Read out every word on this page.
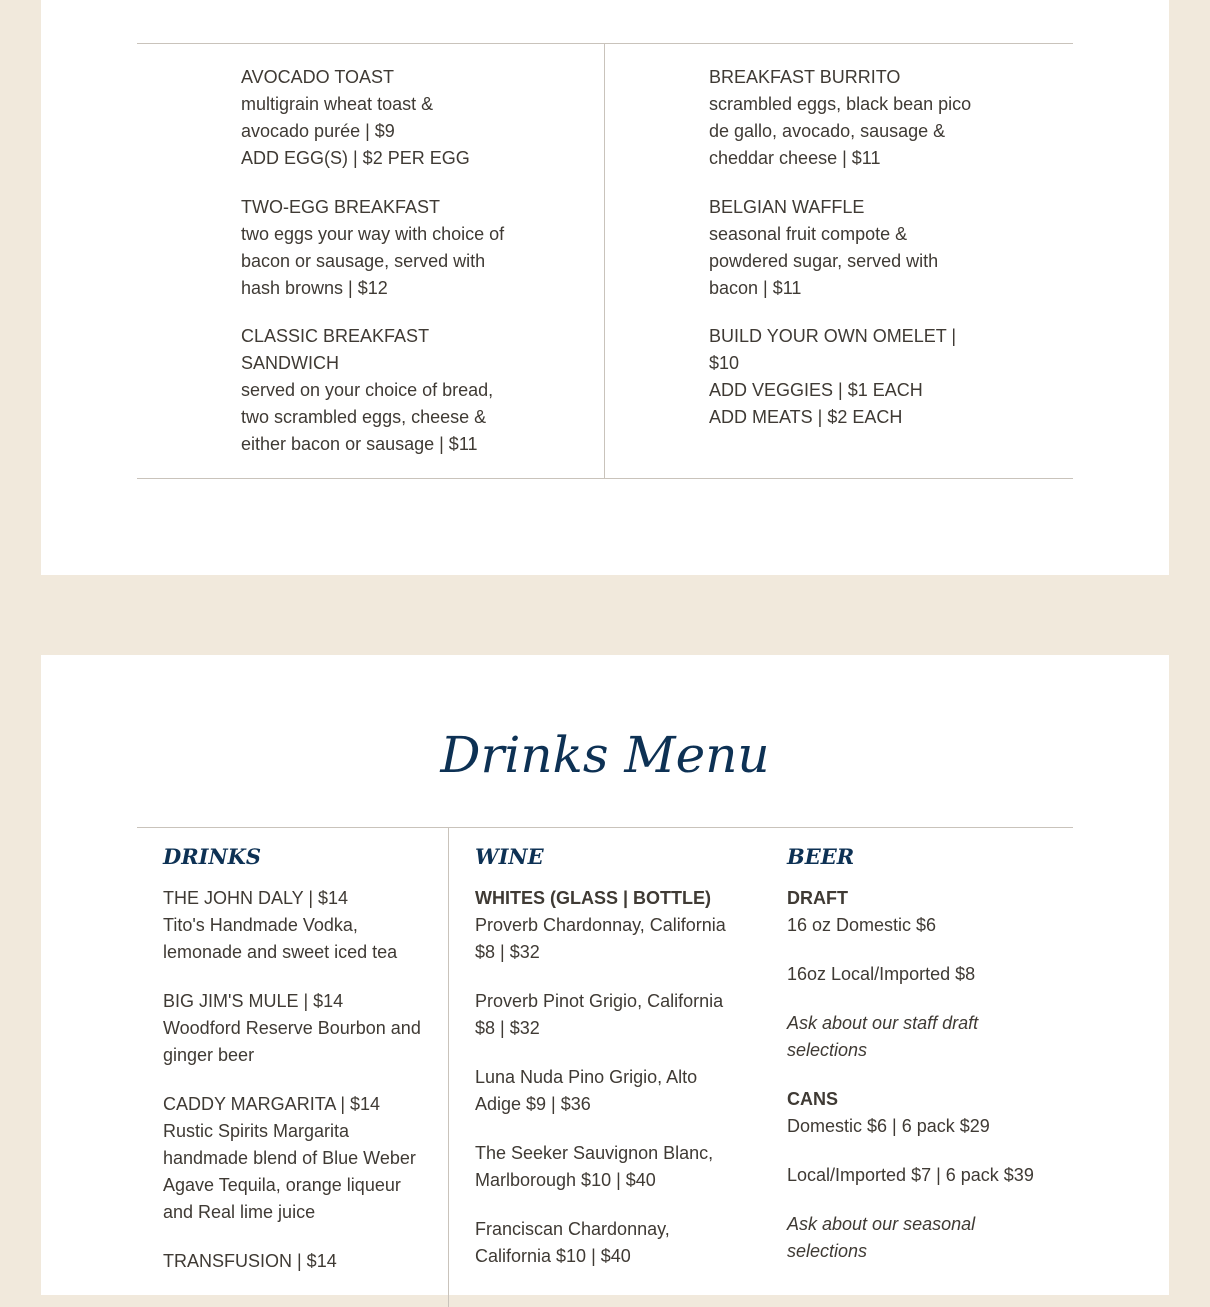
AVOCADO TOAST

multigrain wheat toast &

avocado purée | $9

ADD EGG(S) | $2 PER EGG

TWO-EGG BREAKFAST

two eggs your way with choice of

bacon or sausage, served with

hash browns | $12

CLASSIC BREAKFAST

SANDWICH

served on your choice of bread,

two scrambled eggs, cheese &

either bacon or sausage | $11

BREAKFAST BURRITO

scrambled eggs, black bean pico

de gallo, avocado, sausage &

cheddar cheese | $11

BELGIAN WAFFLE

seasonal fruit compote &

powdered sugar, served with

bacon | $11

BUILD YOUR OWN OMELET |

$10

ADD VEGGIES | $1 EACH

ADD MEATS | $2 EACH

Drinks Menu
DRINKS

THE JOHN DALY | $14

Tito's Handmade Vodka,

lemonade and sweet iced tea

BIG JIM'S MULE | $14

Woodford Reserve Bourbon and

ginger beer

CADDY MARGARITA | $14

Rustic Spirits Margarita

handmade blend of Blue Weber

Agave Tequila, orange liqueur

and Real lime juice

TRANSFUSION | $14

WINE

WHITES (GLASS | BOTTLE)

Proverb Chardonnay, California

$8 | $32

Proverb Pinot Grigio, California

$8 | $32

Luna Nuda Pino Grigio, Alto

Adige $9 | $36

The Seeker Sauvignon Blanc,

Marlborough $10 | $40

Franciscan Chardonnay,

California $10 | $40

BEER

DRAFT

16 oz Domestic $6

16oz Local/Imported $8

Ask about our staff draft

selections

CANS

Domestic $6 | 6 pack $29

Local/Imported $7 | 6 pack $39

Ask about our seasonal

selections
